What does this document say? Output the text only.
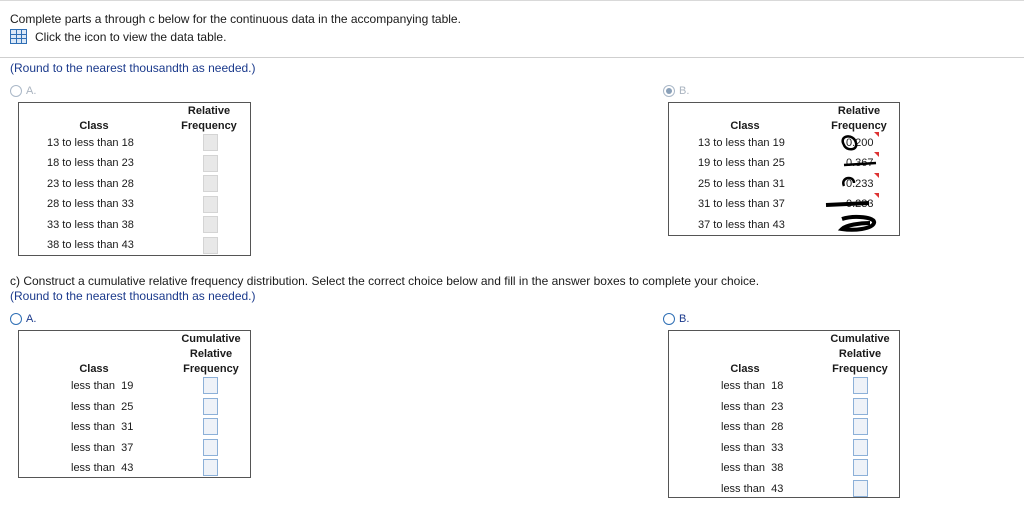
Complete parts a through c below for the continuous data in the accompanying table.
Click the icon to view the data table.
(Round to the nearest thousandth as needed.)
A.
Relative
Frequency
Class
13 to less than 18
18 to less than 23
23 to less than 28
28 to less than 33
33 to less than 38
38 to less than 43
B.
Relative
Frequency
Class
13 to less than 19
19 to less than 25
25 to less than 31
31 to less than 37
37 to less than 43
0.200
0.367
0.233
0.233
c) Construct a cumulative relative frequency distribution. Select the correct choice below and fill in the answer boxes to complete your choice.
(Round to the nearest thousandth as needed.)
A.
Cumulative
Relative
Frequency
Class
less than 19
less than 25
less than 31
less than 37
less than 43
B.
Cumulative
Relative
Frequency
Class
less than 18
less than 23
less than 28
less than 33
less than 38
less than 43
